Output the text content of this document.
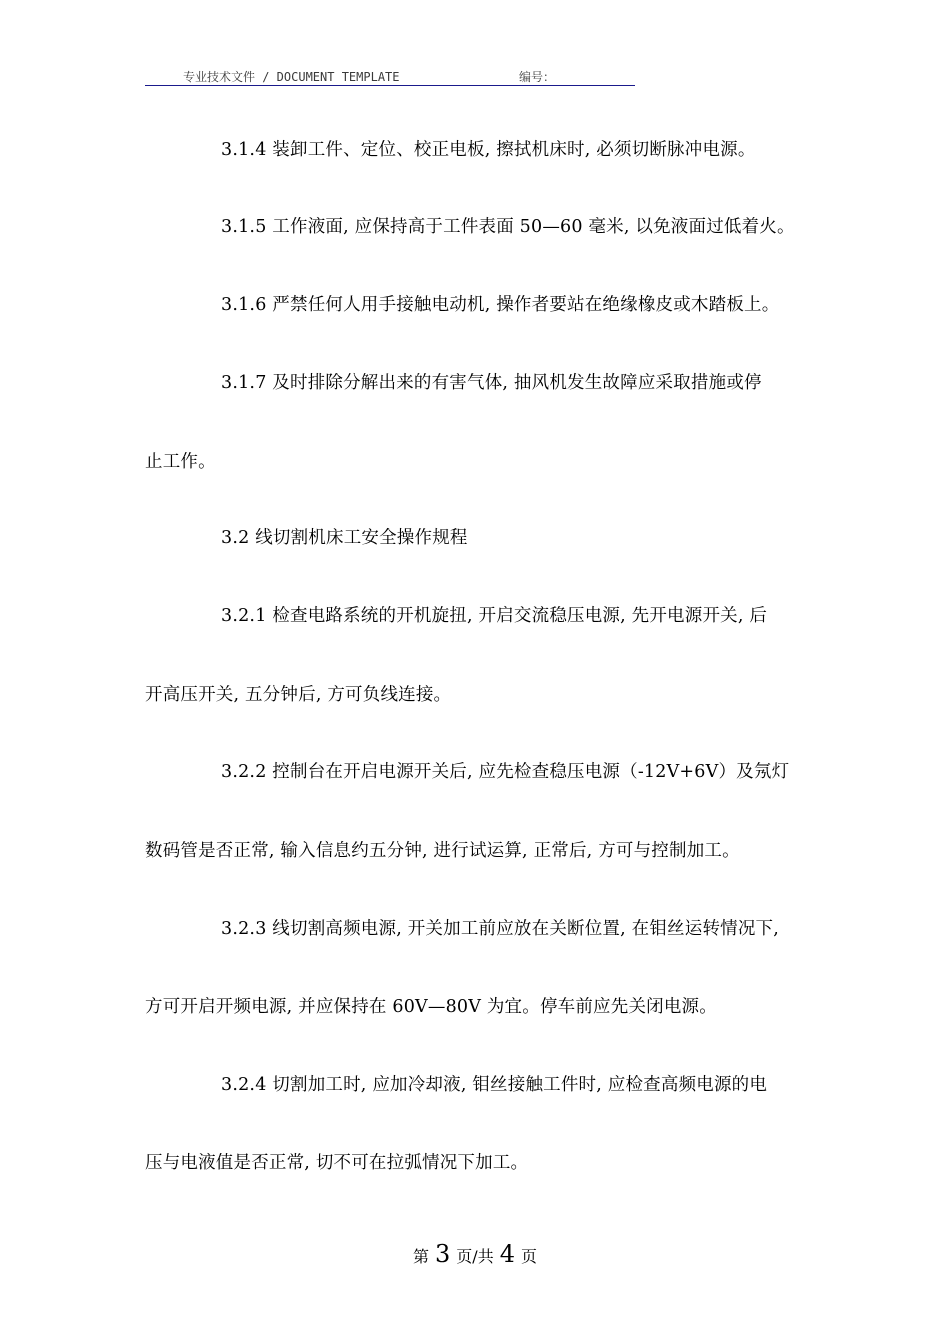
专业技术文件 / DOCUMENT TEMPLATE	编号：
3.1.4 装卸工件、定位、校正电板, 擦拭机床时, 必须切断脉冲电源。
3.1.5 工作液面, 应保持高于工件表面 50—60 毫米, 以免液面过低着火。
3.1.6 严禁任何人用手接触电动机, 操作者要站在绝缘橡皮或木踏板上。
3.1.7 及时排除分解出来的有害气体, 抽风机发生故障应采取措施或停
止工作。
3.2 线切割机床工安全操作规程
3.2.1 检查电路系统的开机旋扭, 开启交流稳压电源, 先开电源开关, 后
开高压开关, 五分钟后, 方可负线连接。
3.2.2 控制台在开启电源开关后, 应先检查稳压电源（-12V+6V）及氖灯
数码管是否正常, 输入信息约五分钟, 进行试运算, 正常后, 方可与控制加工。
3.2.3 线切割高频电源, 开关加工前应放在关断位置, 在钼丝运转情况下,
方可开启开频电源, 并应保持在 60V—80V 为宜。停车前应先关闭电源。
3.2.4 切割加工时, 应加冷却液, 钼丝接触工件时, 应检查高频电源的电
压与电液值是否正常, 切不可在拉弧情况下加工。
第 3 页/共 4 页
